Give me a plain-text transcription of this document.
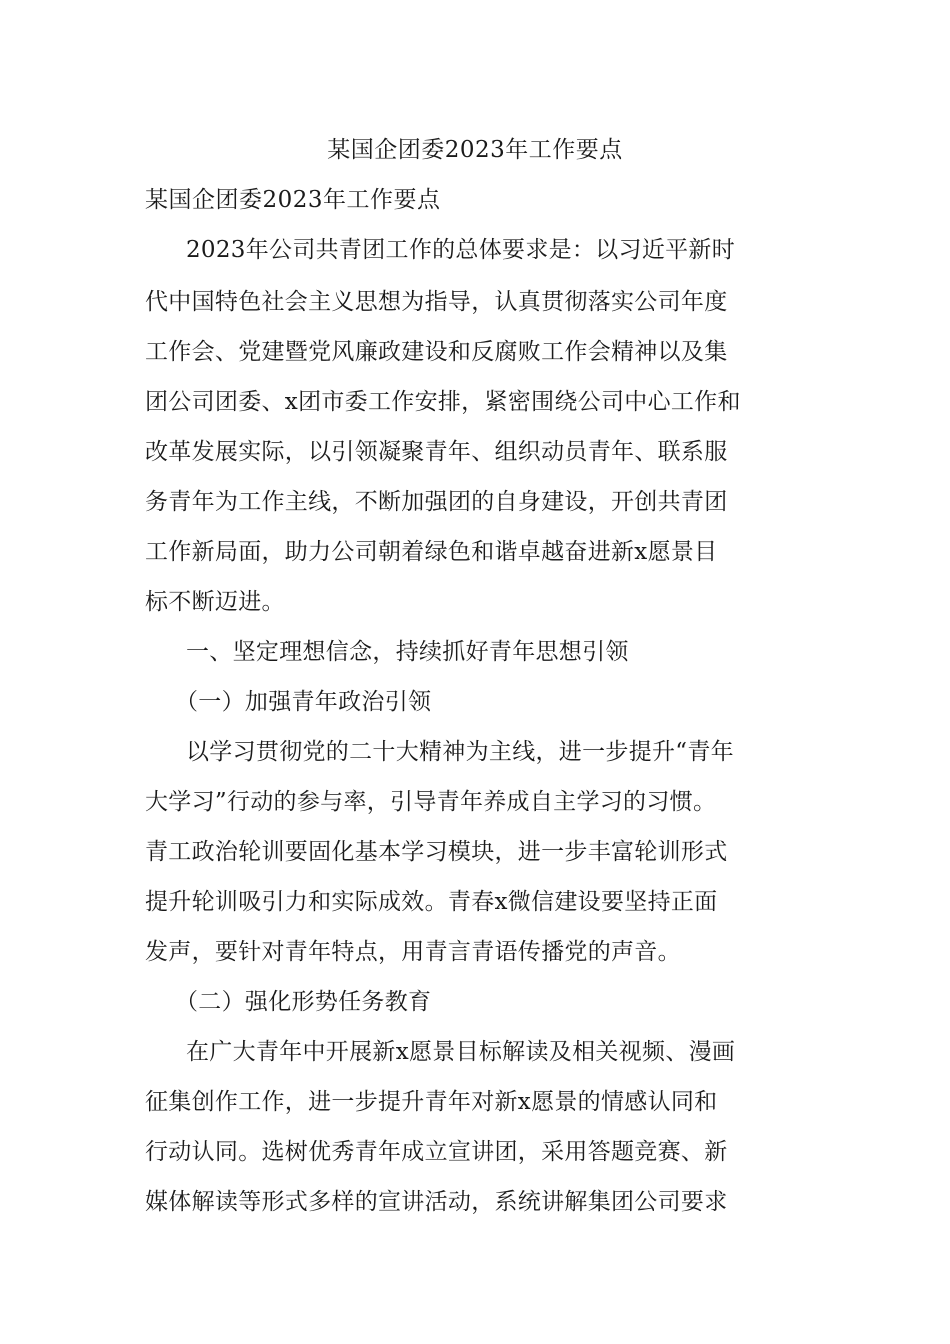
某国企团委2023年工作要点
某国企团委2023年工作要点
2023年公司共青团工作的总体要求是：以习近平新时
代中国特色社会主义思想为指导，认真贯彻落实公司年度
工作会、党建暨党风廉政建设和反腐败工作会精神以及集
团公司团委、x团市委工作安排，紧密围绕公司中心工作和
改革发展实际，以引领凝聚青年、组织动员青年、联系服
务青年为工作主线，不断加强团的自身建设，开创共青团
工作新局面，助力公司朝着绿色和谐卓越奋进新x愿景目
标不断迈进。
一、坚定理想信念，持续抓好青年思想引领
（一）加强青年政治引领
以学习贯彻党的二十大精神为主线，进一步提升“青年
大学习”行动的参与率，引导青年养成自主学习的习惯。
青工政治轮训要固化基本学习模块，进一步丰富轮训形式
提升轮训吸引力和实际成效。青春x微信建设要坚持正面
发声，要针对青年特点，用青言青语传播党的声音。
（二）强化形势任务教育
在广大青年中开展新x愿景目标解读及相关视频、漫画
征集创作工作，进一步提升青年对新x愿景的情感认同和
行动认同。选树优秀青年成立宣讲团，采用答题竞赛、新
媒体解读等形式多样的宣讲活动，系统讲解集团公司要求
